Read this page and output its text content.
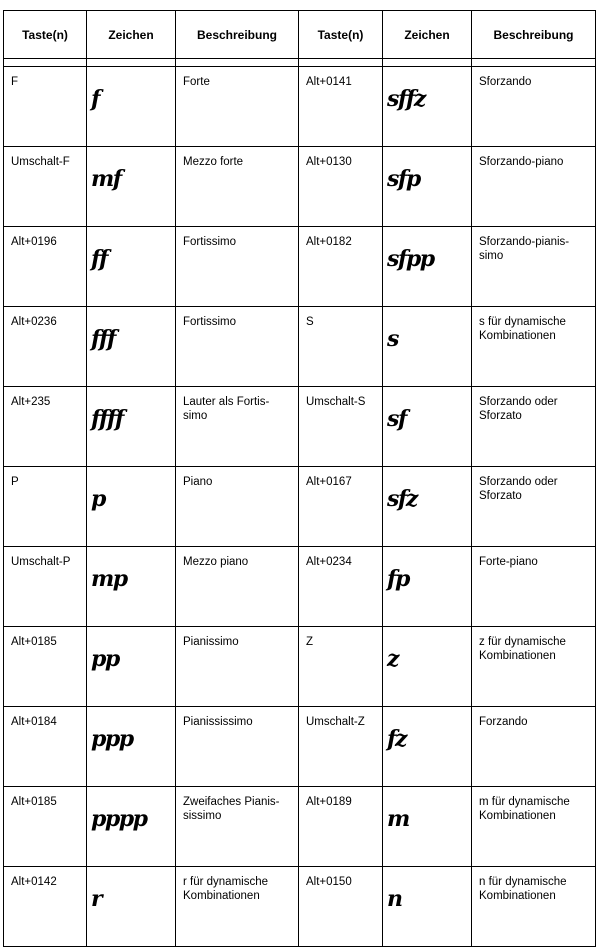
Taste(n)	Zeichen	Beschreibung	Taste(n)	Zeichen	Beschreibung

F	f	Forte	Alt+0141	sffz	Sforzando
Umschalt-F	mf	Mezzo forte	Alt+0130	sfp	Sforzando-piano
Alt+0196	ff	Fortissimo	Alt+0182	sfpp	Sforzando-pianis-
simo
Alt+0236	fff	Fortissimo	S	s	s für dynamische
Kombinationen
Alt+235	ffff	Lauter als Fortis-
simo	Umschalt-S	sf	Sforzando oder
Sforzato
P	p	Piano	Alt+0167	sfz	Sforzando oder
Sforzato
Umschalt-P	mp	Mezzo piano	Alt+0234	fp	Forte-piano
Alt+0185	pp	Pianissimo	Z	z	z für dynamische
Kombinationen
Alt+0184	ppp	Pianississimo	Umschalt-Z	fz	Forzando
Alt+0185	pppp	Zweifaches Pianis-
sissimo	Alt+0189	m	m für dynamische
Kombinationen
Alt+0142	r	r für dynamische
Kombinationen	Alt+0150	n	n für dynamische
Kombinationen
